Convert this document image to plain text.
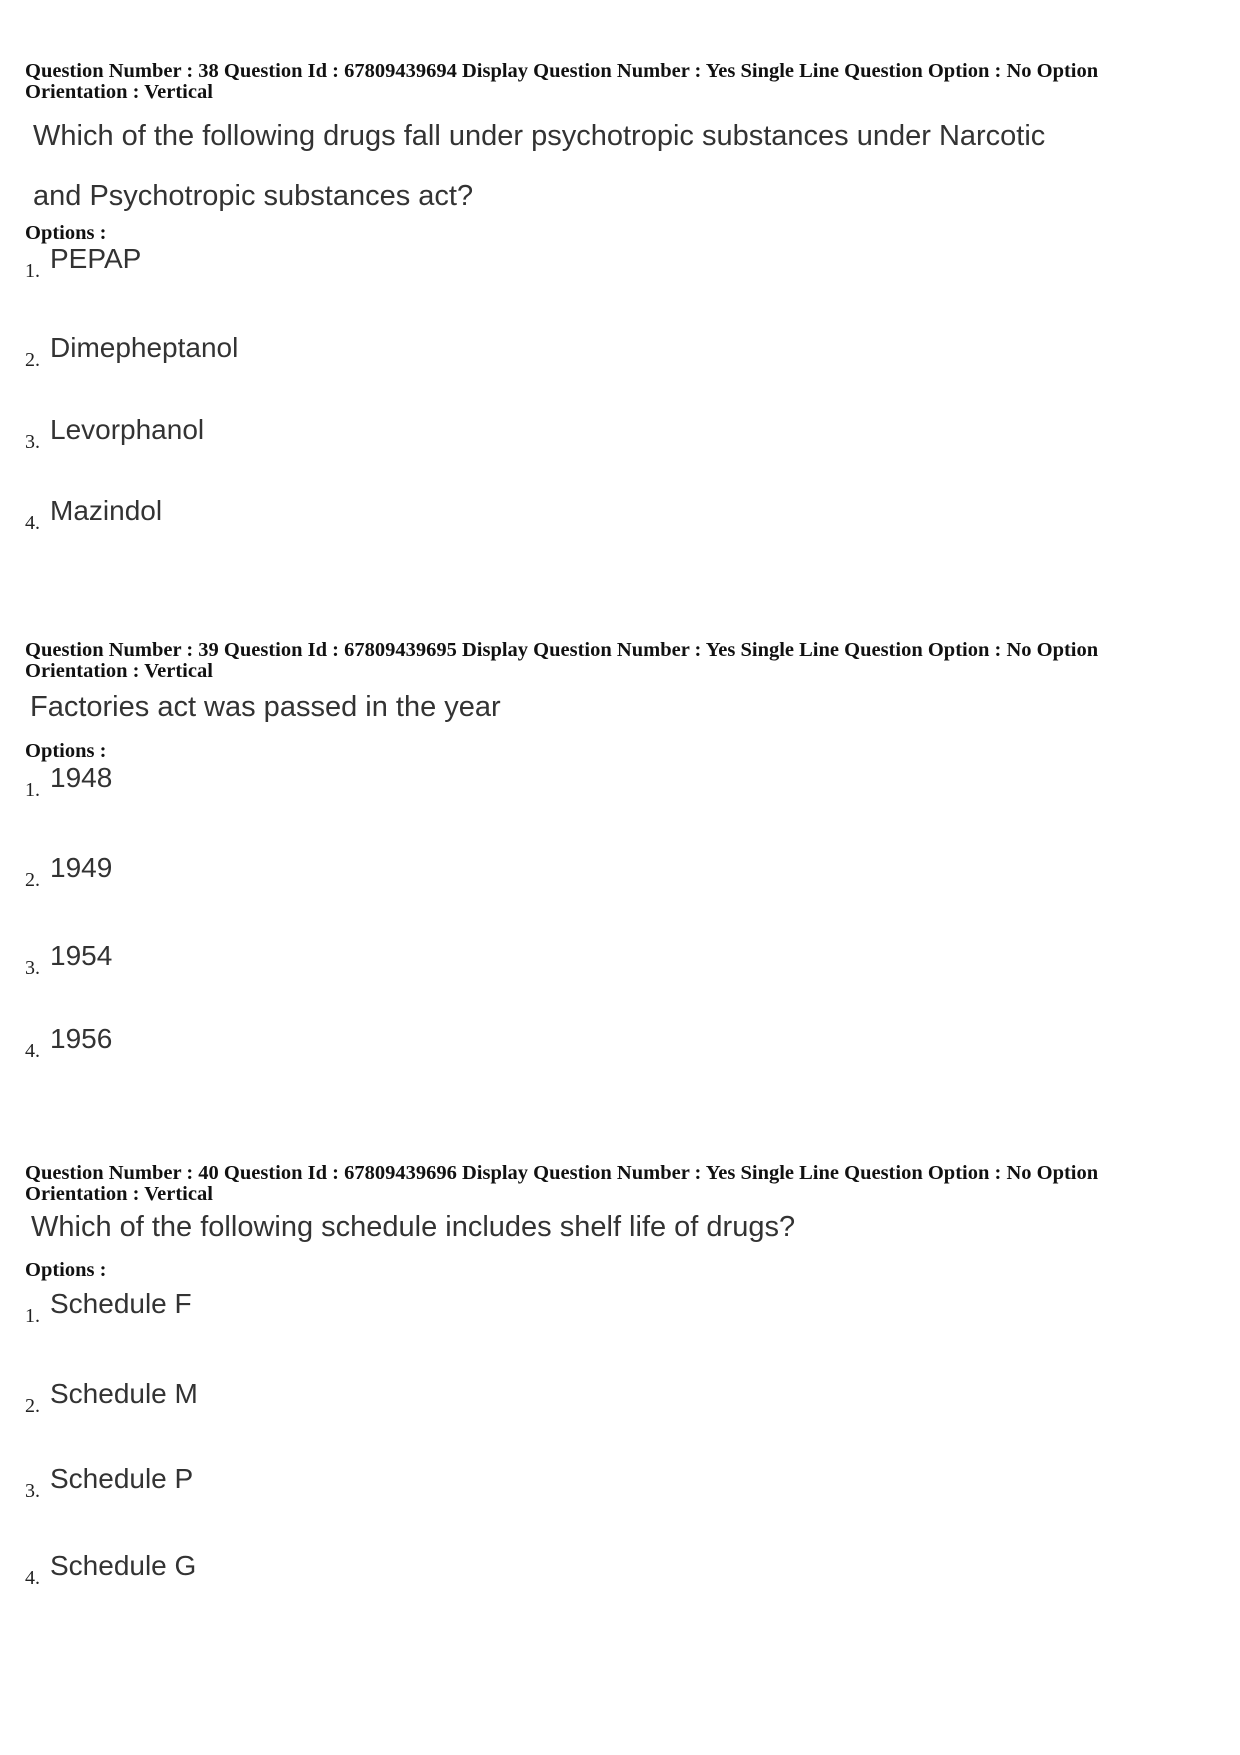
Question Number : 38 Question Id : 67809439694 Display Question Number : Yes Single Line Question Option : No Option

Orientation : Vertical

Which of the following drugs fall under psychotropic substances under Narcotic
and Psychotropic substances act?
Options :
1. PEPAP
2. Dimepheptanol
3. Levorphanol
4. Mazindol

Question Number : 39 Question Id : 67809439695 Display Question Number : Yes Single Line Question Option : No Option

Orientation : Vertical

Factories act was passed in the year
Options :
1. 1948
2. 1949
3. 1954
4. 1956

Question Number : 40 Question Id : 67809439696 Display Question Number : Yes Single Line Question Option : No Option

Orientation : Vertical

Which of the following schedule includes shelf life of drugs?
Options :
1. Schedule F
2. Schedule M
3. Schedule P
4. Schedule G
